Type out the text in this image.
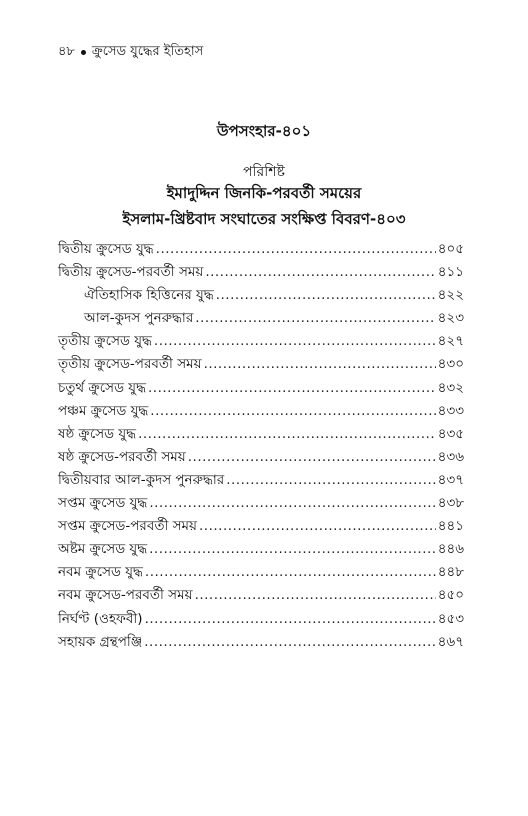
৪৮ ক্রুসেড যুদ্ধের ইতিহাস
উপসংহার-৪০১
পরিশিষ্ট
ইমাদুদ্দিন জিনকি-পরবর্তী সময়ের
ইসলাম-খ্রিষ্টবাদ সংঘাতের সংক্ষিপ্ত বিবরণ-৪০৩
দ্বিতীয় ক্রুসেড যুদ্ধ .....	৪০৫
দ্বিতীয় ক্রুসেড-পরবর্তী সময় .....	৪১১
ঐতিহাসিক হিত্তিনের যুদ্ধ .....	৪২২
আল-কুদস পুনরুদ্ধার .....	৪২৩
তৃতীয় ক্রুসেড যুদ্ধ .....	৪২৭
তৃতীয় ক্রুসেড-পরবর্তী সময় .....	৪৩০
চতুর্থ ক্রুসেড যুদ্ধ .....	৪৩২
পঞ্চম ক্রুসেড যুদ্ধ .....	৪৩৩
ষষ্ঠ ক্রুসেড যুদ্ধ .....	৪৩৫
ষষ্ঠ ক্রুসেড-পরবর্তী সময় .....	৪৩৬
দ্বিতীয়বার আল-কুদস পুনরুদ্ধার .....	৪৩৭
সপ্তম ক্রুসেড যুদ্ধ .....	৪৩৮
সপ্তম ক্রুসেড-পরবর্তী সময় .....	৪৪১
অষ্টম ক্রুসেড যুদ্ধ .....	৪৪৬
নবম ক্রুসেড যুদ্ধ .....	৪৪৮
নবম ক্রুসেড-পরবর্তী সময় .....	৪৫০
নির্ঘণ্ট (ওহফবী) .....	৪৫৩
সহায়ক গ্রন্থপঞ্জি .....	৪৬৭
